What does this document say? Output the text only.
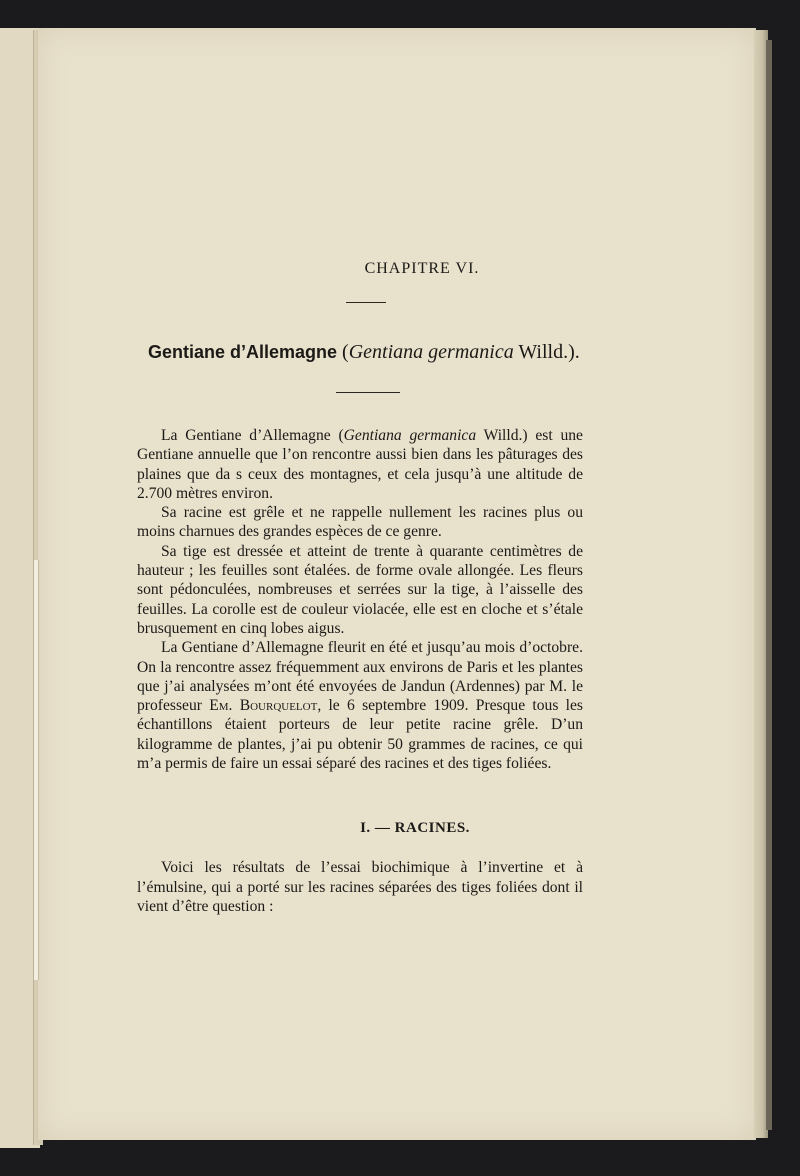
CHAPITRE VI.
Gentiane d’Allemagne (Gentiana germanica Willd.).

La Gentiane d’Allemagne (Gentiana germanica Willd.) est une Gentiane annuelle que l’on rencontre aussi bien dans les pâturages des plaines que da s ceux des montagnes, et cela jusqu’à une altitude de 2.700 mètres environ.

Sa racine est grêle et ne rappelle nullement les racines plus ou moins charnues des grandes espèces de ce genre.

Sa tige est dressée et atteint de trente à quarante centimètres de hauteur ; les feuilles sont étalées. de forme ovale allongée. Les fleurs sont pédonculées, nombreuses et serrées sur la tige, à l’aisselle des feuilles. La corolle est de couleur violacée, elle est en cloche et s’étale brusquement en cinq lobes aigus.

La Gentiane d’Allemagne fleurit en été et jusqu’au mois d’octobre. On la rencontre assez fréquemment aux environs de Paris et les plantes que j’ai analysées m’ont été envoyées de Jandun (Ardennes) par M. le professeur Em. Bourquelot, le 6 septembre 1909. Presque tous les échantillons étaient porteurs de leur petite racine grêle. D’un kilogramme de plantes, j’ai pu obtenir 50 grammes de racines, ce qui m’a permis de faire un essai séparé des racines et des tiges foliées.

I. — RACINES.

Voici les résultats de l’essai biochimique à l’invertine et à l’émulsine, qui a porté sur les racines séparées des tiges foliées dont il vient d’être question :
